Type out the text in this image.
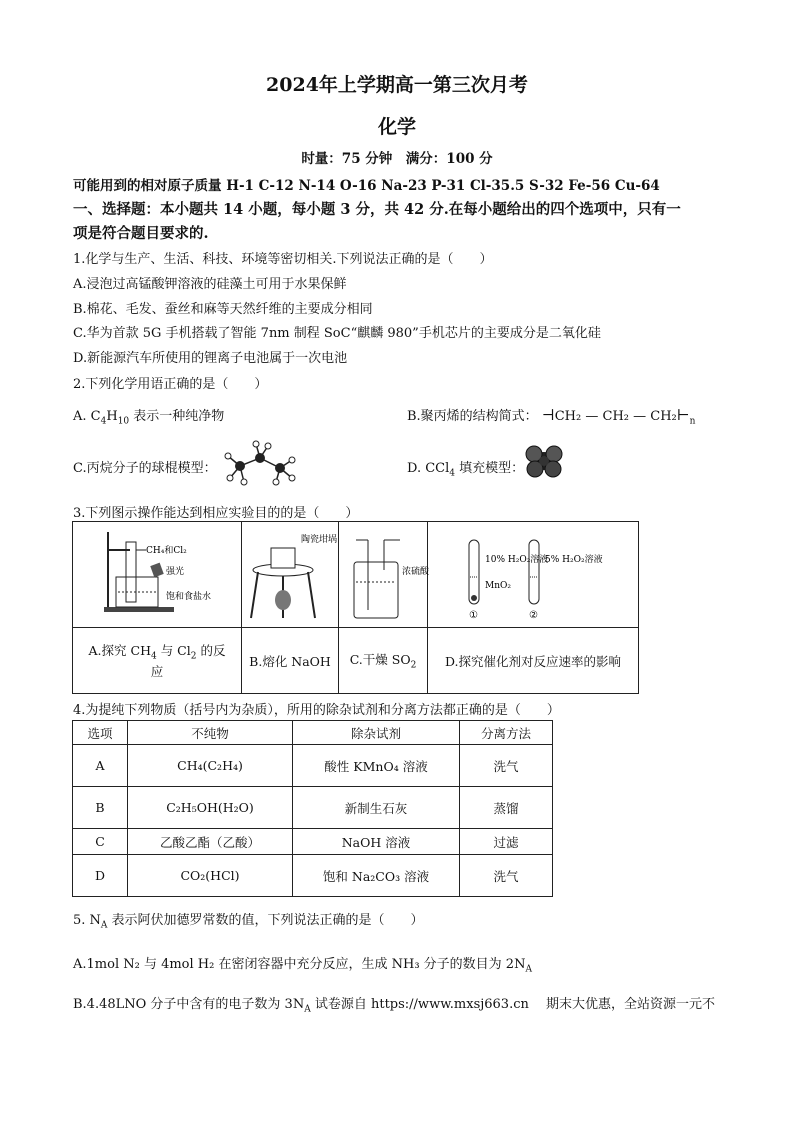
2024年上学期高一第三次月考
化学
时量：75 分钟　满分：100 分
可能用到的相对原子质量 H-1 C-12 N-14 O-16 Na-23 P-31 Cl-35.5 S-32 Fe-56 Cu-64
一、选择题：本小题共 14 小题，每小题 3 分，共 42 分.在每小题给出的四个选项中，只有一
项是符合题目要求的.
1.化学与生产、生活、科技、环境等密切相关.下列说法正确的是（　　）
A.浸泡过高锰酸钾溶液的硅藻土可用于水果保鲜
B.棉花、毛发、蚕丝和麻等天然纤维的主要成分相同
C.华为首款 5G 手机搭载了智能 7nm 制程 SoC“麒麟 980”手机芯片的主要成分是二氧化硅
D.新能源汽车所使用的锂离子电池属于一次电池
2.下列化学用语正确的是（　　）
A. $C_4H_{10}$ 表示一种纯净物	B.聚丙烯的结构简式： ⊣CH₂ — CH₂ — $CH_2⊢_n$
C.丙烷分子的球棍模型：	D. CCl$_4$ 填充模型：
3.下列图示操作能达到相应实验目的的是（　　）
CH₄和Cl₂
强光
饱和食盐水	陶瓷坩埚	浓硫酸	10% H₂O₂溶液
MnO₂
5% H₂O₂溶液
① ②

A.探究 $CH_4$ 与 $Cl_2$ 的反
应	B.熔化 NaOH	C.干燥 $SO_2$	D.探究催化剂对反应速率的影响
4.为提纯下列物质（括号内为杂质），所用的除杂试剂和分离方法都正确的是（　　）
选项	不纯物	除杂试剂	分离方法
A	CH₄(C₂H₄)	酸性 KMnO₄ 溶液	洗气
B	C₂H₅OH(H₂O)	新制生石灰	蒸馏
C	乙酸乙酯（乙酸）	NaOH 溶液	过滤
D	CO₂(HCl)	饱和 Na₂CO₃ 溶液	洗气
5. $N_A$ 表示阿伏加德罗常数的值，下列说法正确的是（　　）
A.1mol N₂ 与 4mol H₂ 在密闭容器中充分反应，生成 NH₃ 分子的数目为 $2N_A$
B.4.48LNO 分子中含有的电子数为 $3N_A$ 试卷源自 https://www.mxsj663.cn　 期末大优惠，全站资源一元不
